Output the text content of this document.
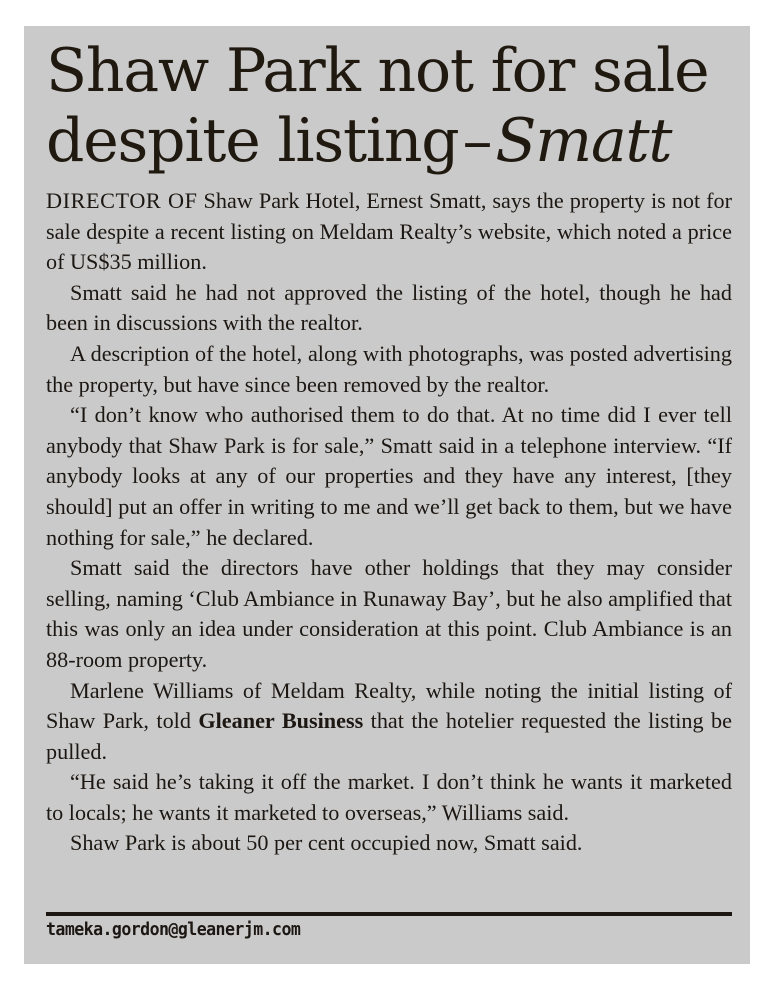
Shaw Park not for sale
despite listing–Smatt

DIRECTOR OF Shaw Park Hotel, Ernest Smatt, says the property is not for sale despite a recent listing on Meldam Realty’s website, which noted a price of US$35 million.

Smatt said he had not approved the listing of the hotel, though he had been in discussions with the realtor.

A description of the hotel, along with photographs, was posted advertising the property, but have since been removed by the realtor.

“I don’t know who authorised them to do that. At no time did I ever tell anybody that Shaw Park is for sale,” Smatt said in a telephone interview. “If anybody looks at any of our properties and they have any interest, [they should] put an offer in writing to me and we’ll get back to them, but we have nothing for sale,” he declared.

Smatt said the directors have other holdings that they may consider selling, naming ‘Club Ambiance in Runaway Bay’, but he also amplified that this was only an idea under consideration at this point. Club Ambiance is an 88-room property.

Marlene Williams of Meldam Realty, while noting the initial listing of Shaw Park, told Gleaner Business that the hotelier requested the listing be pulled.

“He said he’s taking it off the market. I don’t think he wants it marketed to locals; he wants it marketed to overseas,” Williams said.

Shaw Park is about 50 per cent occupied now, Smatt said.

tameka.gordon@gleanerjm.com
